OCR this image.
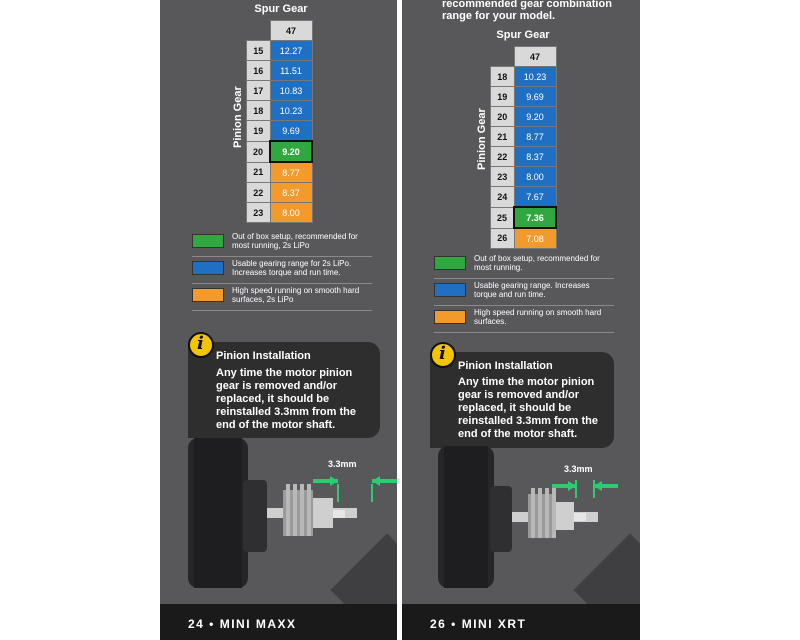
Spur Gear
Pinion Gear
	47
15	12.27
16	11.51
17	10.83
18	10.23
19	9.69
20	9.20
21	8.77
22	8.37
23	8.00
Out of box setup, recommended for
most running, 2s LiPo
Usable gearing range for 2s LiPo.
Increases torque and run time.
High speed running on smooth hard
surfaces, 2s LiPo
i
Pinion Installation
Any time the motor pinion
gear is removed and/or
replaced, it should be
reinstalled 3.3mm from the
end of the motor shaft.
3.3mm
24 • MINI MAXX
recommended gear combination
range for your model.
Spur Gear
Pinion Gear
	47
18	10.23
19	9.69
20	9.20
21	8.77
22	8.37
23	8.00
24	7.67
25	7.36
26	7.08
Out of box setup, recommended for
most running.
Usable gearing range. Increases
torque and run time.
High speed running on smooth hard
surfaces.
i
Pinion Installation
Any time the motor pinion
gear is removed and/or
replaced, it should be
reinstalled 3.3mm from the
end of the motor shaft.
3.3mm
26 • MINI XRT
